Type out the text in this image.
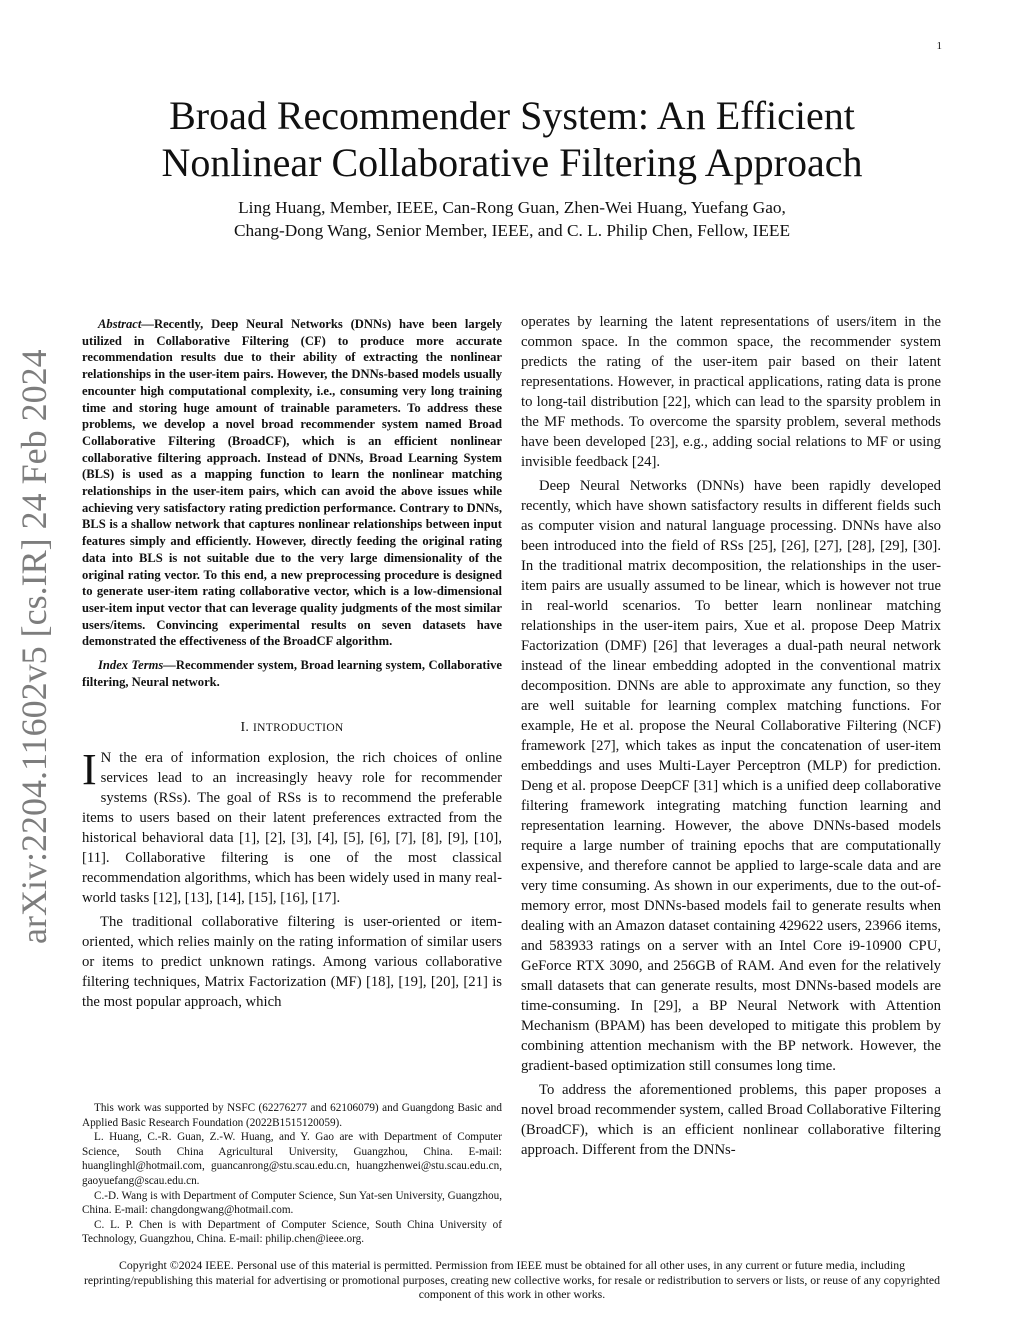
1
arXiv:2204.11602v5 [cs.IR] 24 Feb 2024
Broad Recommender System: An Efficient
Nonlinear Collaborative Filtering Approach
Ling Huang, Member, IEEE, Can-Rong Guan, Zhen-Wei Huang, Yuefang Gao,
Chang-Dong Wang, Senior Member, IEEE, and C. L. Philip Chen, Fellow, IEEE

Abstract—Recently, Deep Neural Networks (DNNs) have been largely utilized in Collaborative Filtering (CF) to produce more accurate recommendation results due to their ability of extracting the nonlinear relationships in the user-item pairs. However, the DNNs-based models usually encounter high computational complexity, i.e., consuming very long training time and storing huge amount of trainable parameters. To address these problems, we develop a novel broad recommender system named Broad Collaborative Filtering (BroadCF), which is an efficient nonlinear collaborative filtering approach. Instead of DNNs, Broad Learning System (BLS) is used as a mapping function to learn the nonlinear matching relationships in the user-item pairs, which can avoid the above issues while achieving very satisfactory rating prediction performance. Contrary to DNNs, BLS is a shallow network that captures nonlinear relationships between input features simply and efficiently. However, directly feeding the original rating data into BLS is not suitable due to the very large dimensionality of the original rating vector. To this end, a new preprocessing procedure is designed to generate user-item rating collaborative vector, which is a low-dimensional user-item input vector that can leverage quality judgments of the most similar users/items. Convincing experimental results on seven datasets have demonstrated the effectiveness of the BroadCF algorithm.

Index Terms—Recommender system, Broad learning system, Collaborative filtering, Neural network.

I. INTRODUCTION

I N the era of information explosion, the rich choices of online services lead to an increasingly heavy role for recommender systems (RSs). The goal of RSs is to recommend the preferable items to users based on their latent preferences extracted from the historical behavioral data [1], [2], [3], [4], [5], [6], [7], [8], [9], [10], [11]. Collaborative filtering is one of the most classical recommendation algorithms, which has been widely used in many real-world tasks [12], [13], [14], [15], [16], [17].

The traditional collaborative filtering is user-oriented or item-oriented, which relies mainly on the rating information of similar users or items to predict unknown ratings. Among various collaborative filtering techniques, Matrix Factorization (MF) [18], [19], [20], [21] is the most popular approach, which

This work was supported by NSFC (62276277 and 62106079) and Guangdong Basic and Applied Basic Research Foundation (2022B1515120059).

L. Huang, C.-R. Guan, Z.-W. Huang, and Y. Gao are with Department of Computer Science, South China Agricultural University, Guangzhou, China. E-mail: huanglinghl@hotmail.com, guancanrong@stu.scau.edu.cn, huangzhenwei@stu.scau.edu.cn, gaoyuefang@scau.edu.cn.

C.-D. Wang is with Department of Computer Science, Sun Yat-sen University, Guangzhou, China. E-mail: changdongwang@hotmail.com.

C. L. P. Chen is with Department of Computer Science, South China University of Technology, Guangzhou, China. E-mail: philip.chen@ieee.org.

operates by learning the latent representations of users/item in the common space. In the common space, the recommender system predicts the rating of the user-item pair based on their latent representations. However, in practical applications, rating data is prone to long-tail distribution [22], which can lead to the sparsity problem in the MF methods. To overcome the sparsity problem, several methods have been developed [23], e.g., adding social relations to MF or using invisible feedback [24].

Deep Neural Networks (DNNs) have been rapidly developed recently, which have shown satisfactory results in different fields such as computer vision and natural language processing. DNNs have also been introduced into the field of RSs [25], [26], [27], [28], [29], [30]. In the traditional matrix decomposition, the relationships in the user-item pairs are usually assumed to be linear, which is however not true in real-world scenarios. To better learn nonlinear matching relationships in the user-item pairs, Xue et al. propose Deep Matrix Factorization (DMF) [26] that leverages a dual-path neural network instead of the linear embedding adopted in the conventional matrix decomposition. DNNs are able to approximate any function, so they are well suitable for learning complex matching functions. For example, He et al. propose the Neural Collaborative Filtering (NCF) framework [27], which takes as input the concatenation of user-item embeddings and uses Multi-Layer Perceptron (MLP) for prediction. Deng et al. propose DeepCF [31] which is a unified deep collaborative filtering framework integrating matching function learning and representation learning. However, the above DNNs-based models require a large number of training epochs that are computationally expensive, and therefore cannot be applied to large-scale data and are very time consuming. As shown in our experiments, due to the out-of-memory error, most DNNs-based models fail to generate results when dealing with an Amazon dataset containing 429622 users, 23966 items, and 583933 ratings on a server with an Intel Core i9-10900 CPU, GeForce RTX 3090, and 256GB of RAM. And even for the relatively small datasets that can generate results, most DNNs-based models are time-consuming. In [29], a BP Neural Network with Attention Mechanism (BPAM) has been developed to mitigate this problem by combining attention mechanism with the BP network. However, the gradient-based optimization still consumes long time.

To address the aforementioned problems, this paper proposes a novel broad recommender system, called Broad Collaborative Filtering (BroadCF), which is an efficient nonlinear collaborative filtering approach. Different from the DNNs-

Copyright ©2024 IEEE. Personal use of this material is permitted. Permission from IEEE must be obtained for all other uses, in any current or future media, including reprinting/republishing this material for advertising or promotional purposes, creating new collective works, for resale or redistribution to servers or lists, or reuse of any copyrighted component of this work in other works.
